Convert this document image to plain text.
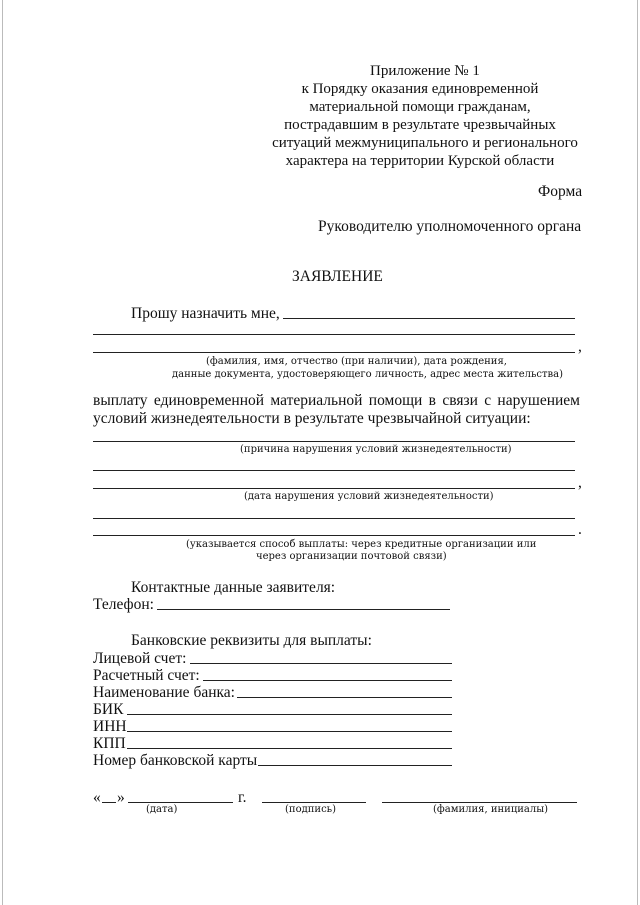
Приложение № 1
к Порядку оказания единовременной
материальной помощи гражданам,
пострадавшим в результате чрезвычайных
ситуаций межмуниципального и регионального
характера на территории Курской области
Форма
Руководителю уполномоченного органа
ЗАЯВЛЕНИЕ
Прошу назначить мне,
,
(фамилия, имя, отчество (при наличии), дата рождения,
данные документа, удостоверяющего личность, адрес места жительства)
выплату единовременной материальной помощи в связи с нарушением
условий жизнедеятельности в результате чрезвычайной ситуации:
(причина нарушения условий жизнедеятельности)
,
(дата нарушения условий жизнедеятельности)
.
(указывается способ выплаты: через кредитные организации или
через организации почтовой связи)
Контактные данные заявителя:
Телефон:
Банковские реквизиты для выплаты:
Лицевой счет:
Расчетный счет:
Наименование банка:
БИК
ИНН
КПП
Номер банковской карты
« »	г.
(дата)	(подпись)	(фамилия, инициалы)
